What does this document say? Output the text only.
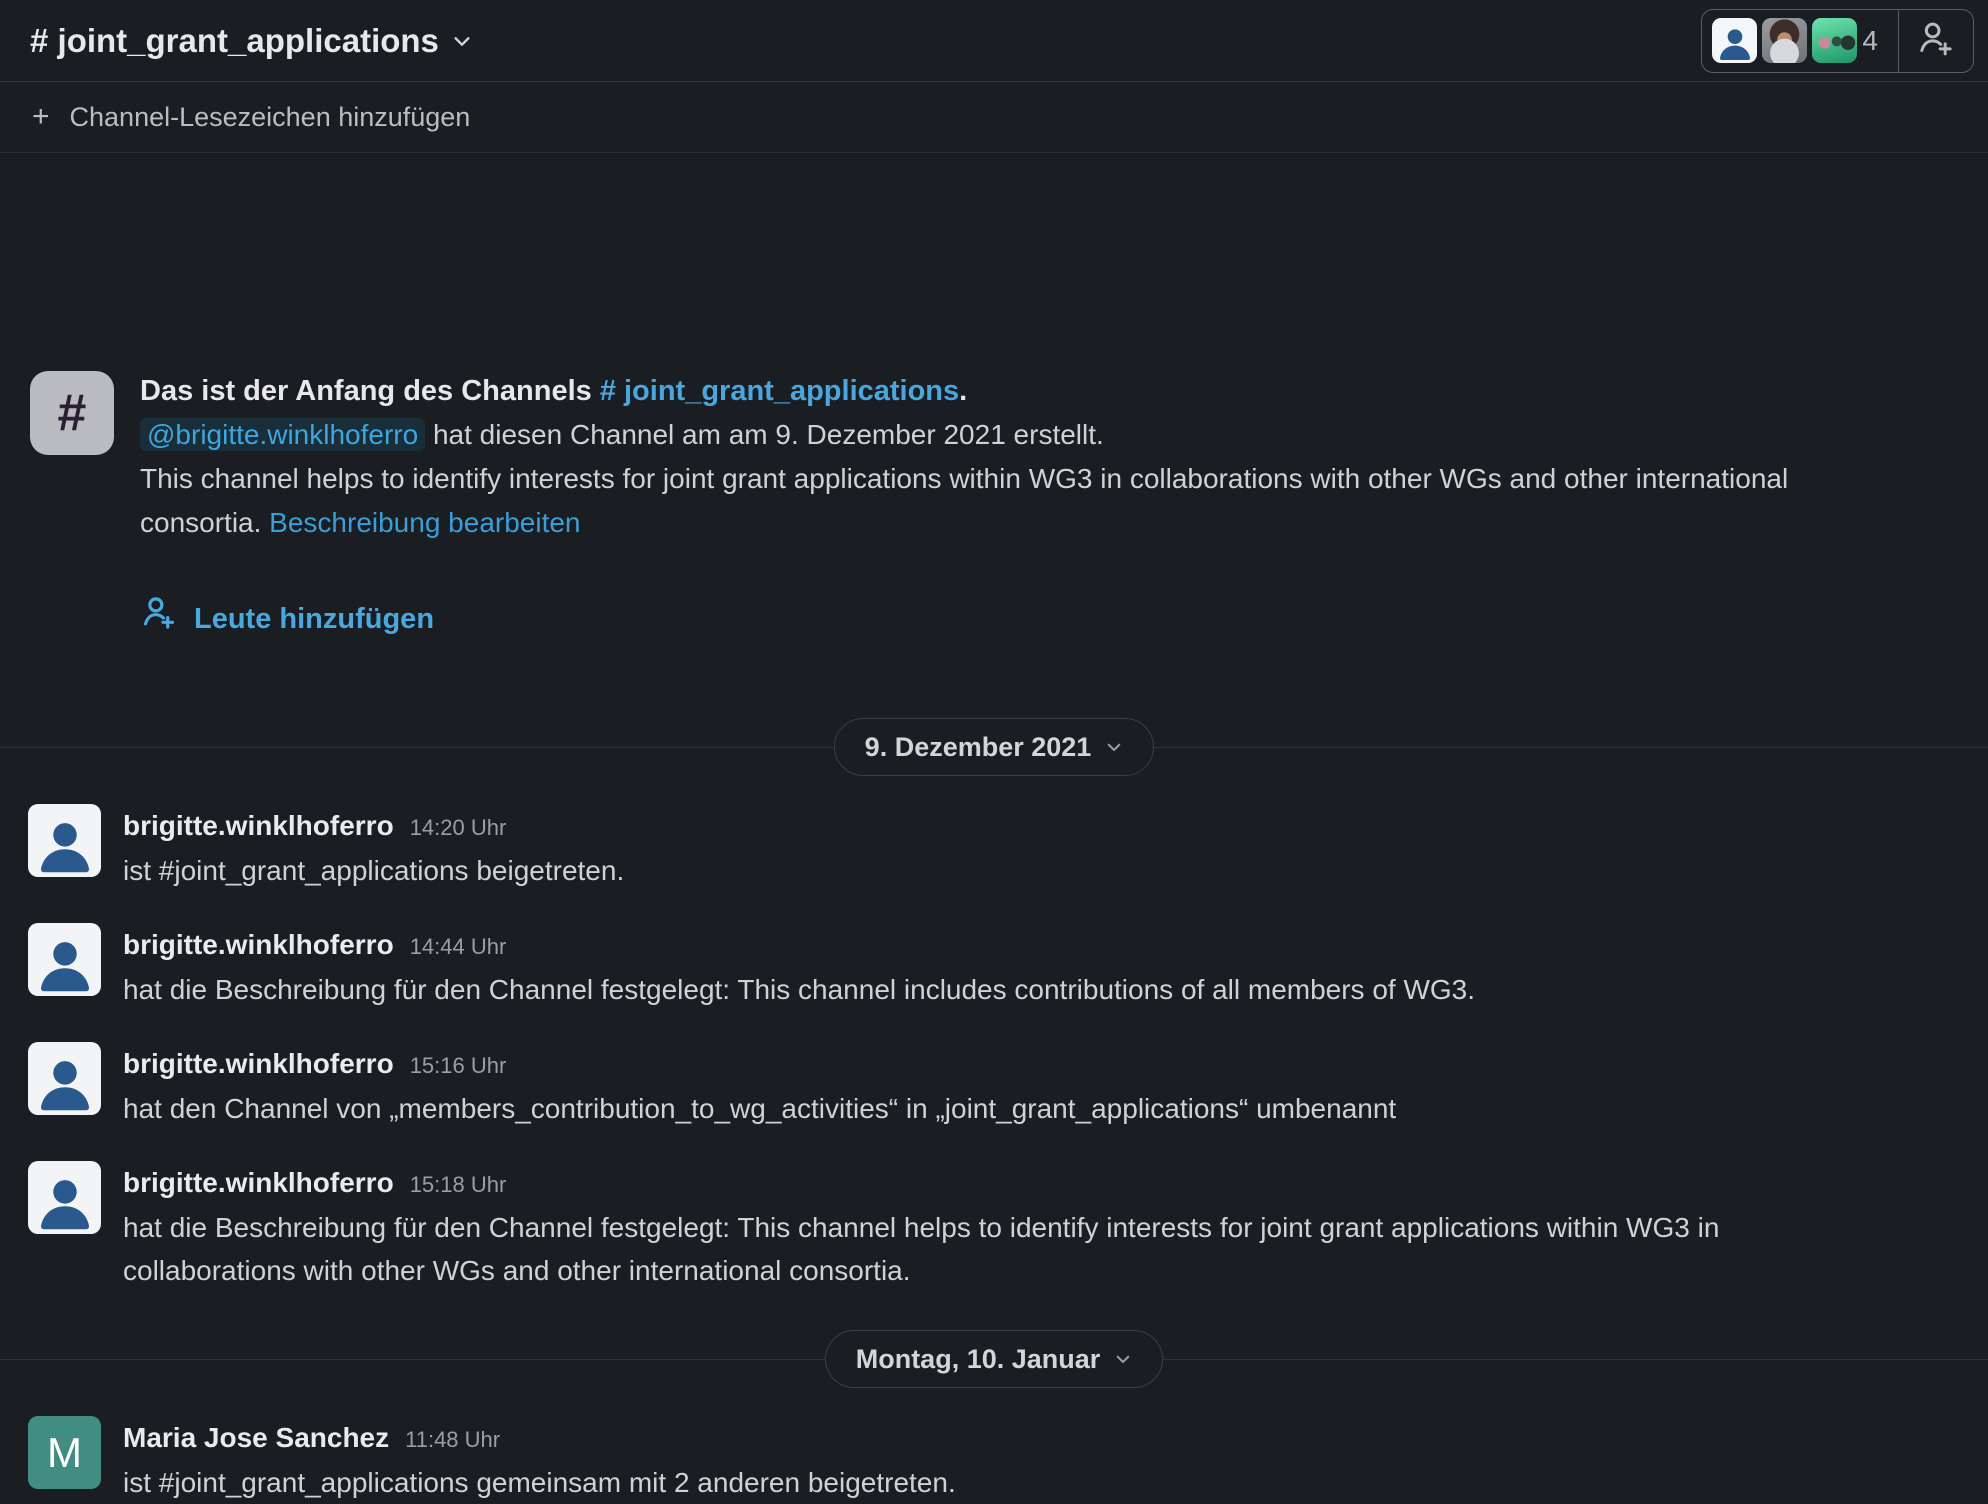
# joint_grant_applications	4
+ Channel-Lesezeichen hinzufügen
# Das ist der Anfang des Channels # joint_grant_applications.
@brigitte.winklhoferro hat diesen Channel am am 9. Dezember 2021 erstellt.
This channel helps to identify interests for joint grant applications within WG3 in collaborations with other WGs and other international consortia. Beschreibung bearbeiten
Leute hinzufügen
9. Dezember 2021
brigitte.winklhoferro 14:20 Uhr
ist #joint_grant_applications beigetreten.
brigitte.winklhoferro 14:44 Uhr
hat die Beschreibung für den Channel festgelegt: This channel includes contributions of all members of WG3.
brigitte.winklhoferro 15:16 Uhr
hat den Channel von „members_contribution_to_wg_activities“ in „joint_grant_applications“ umbenannt
brigitte.winklhoferro 15:18 Uhr
hat die Beschreibung für den Channel festgelegt: This channel helps to identify interests for joint grant applications within WG3 in collaborations with other WGs and other international consortia.
Montag, 10. Januar
M Maria Jose Sanchez 11:48 Uhr
ist #joint_grant_applications gemeinsam mit 2 anderen beigetreten.
